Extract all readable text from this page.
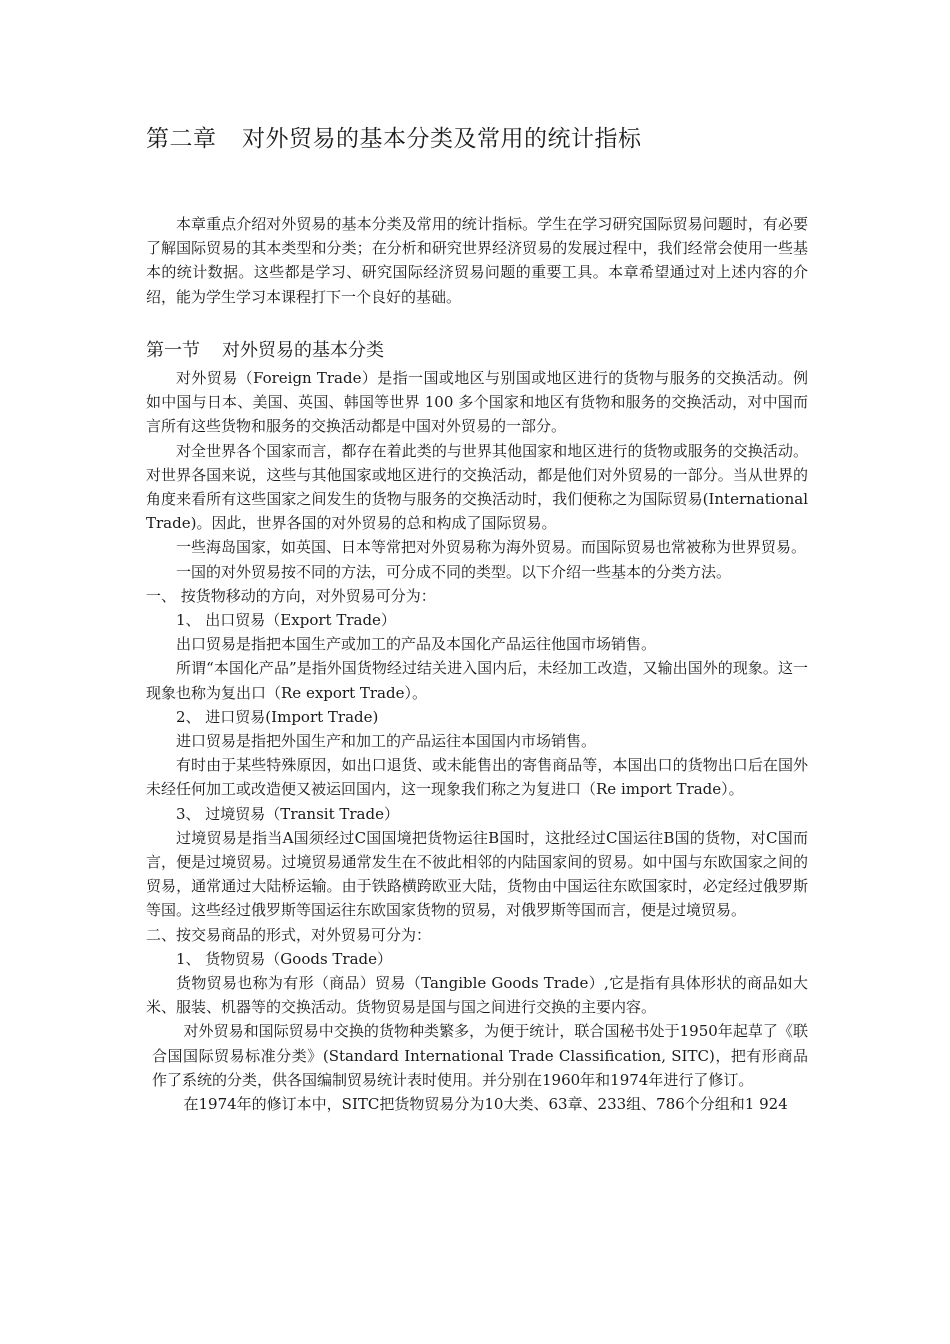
第二章 对外贸易的基本分类及常用的统计指标

本章重点介绍对外贸易的基本分类及常用的统计指标。学生在学习研究国际贸易问题时，有必要了解国际贸易的其本类型和分类；在分析和研究世界经济贸易的发展过程中，我们经常会使用一些基本的统计数据。这些都是学习、研究国际经济贸易问题的重要工具。本章希望通过对上述内容的介绍，能为学生学习本课程打下一个良好的基础。

第一节 对外贸易的基本分类

对外贸易（Foreign Trade）是指一国或地区与别国或地区进行的货物与服务的交换活动。例如中国与日本、美国、英国、韩国等世界 100 多个国家和地区有货物和服务的交换活动，对中国而言所有这些货物和服务的交换活动都是中国对外贸易的一部分。

对全世界各个国家而言，都存在着此类的与世界其他国家和地区进行的货物或服务的交换活动。对世界各国来说，这些与其他国家或地区进行的交换活动，都是他们对外贸易的一部分。当从世界的角度来看所有这些国家之间发生的货物与服务的交换活动时，我们便称之为国际贸易(International Trade)。因此，世界各国的对外贸易的总和构成了国际贸易。

一些海岛国家，如英国、日本等常把对外贸易称为海外贸易。而国际贸易也常被称为世界贸易。

一国的对外贸易按不同的方法，可分成不同的类型。以下介绍一些基本的分类方法。

一、 按货物移动的方向，对外贸易可分为：

1、 出口贸易（Export Trade）

出口贸易是指把本国生产或加工的产品及本国化产品运往他国市场销售。

所谓“本国化产品”是指外国货物经过结关进入国内后，未经加工改造，又输出国外的现象。这一现象也称为复出口（Re export Trade）。

2、 进口贸易(Import Trade)

进口贸易是指把外国生产和加工的产品运往本国国内市场销售。

有时由于某些特殊原因，如出口退货、或未能售出的寄售商品等，本国出口的货物出口后在国外未经任何加工或改造便又被运回国内，这一现象我们称之为复进口（Re import Trade）。

3、 过境贸易（Transit Trade）

过境贸易是指当A国须经过C国国境把货物运往B国时，这批经过C国运往B国的货物，对C国而言，便是过境贸易。过境贸易通常发生在不彼此相邻的内陆国家间的贸易。如中国与东欧国家之间的贸易，通常通过大陆桥运输。由于铁路横跨欧亚大陆，货物由中国运往东欧国家时，必定经过俄罗斯等国。这些经过俄罗斯等国运往东欧国家货物的贸易，对俄罗斯等国而言，便是过境贸易。

二、按交易商品的形式，对外贸易可分为：

1、 货物贸易（Goods Trade）

货物贸易也称为有形（商品）贸易（Tangible Goods Trade）,它是指有具体形状的商品如大米、服装、机器等的交换活动。货物贸易是国与国之间进行交换的主要内容。

对外贸易和国际贸易中交换的货物种类繁多，为便于统计，联合国秘书处于1950年起草了《联合国国际贸易标准分类》(Standard International Trade Classification, SITC)，把有形商品作了系统的分类，供各国编制贸易统计表时使用。并分别在1960年和1974年进行了修订。

在1974年的修订本中，SITC把货物贸易分为10大类、63章、233组、786个分组和1 924
